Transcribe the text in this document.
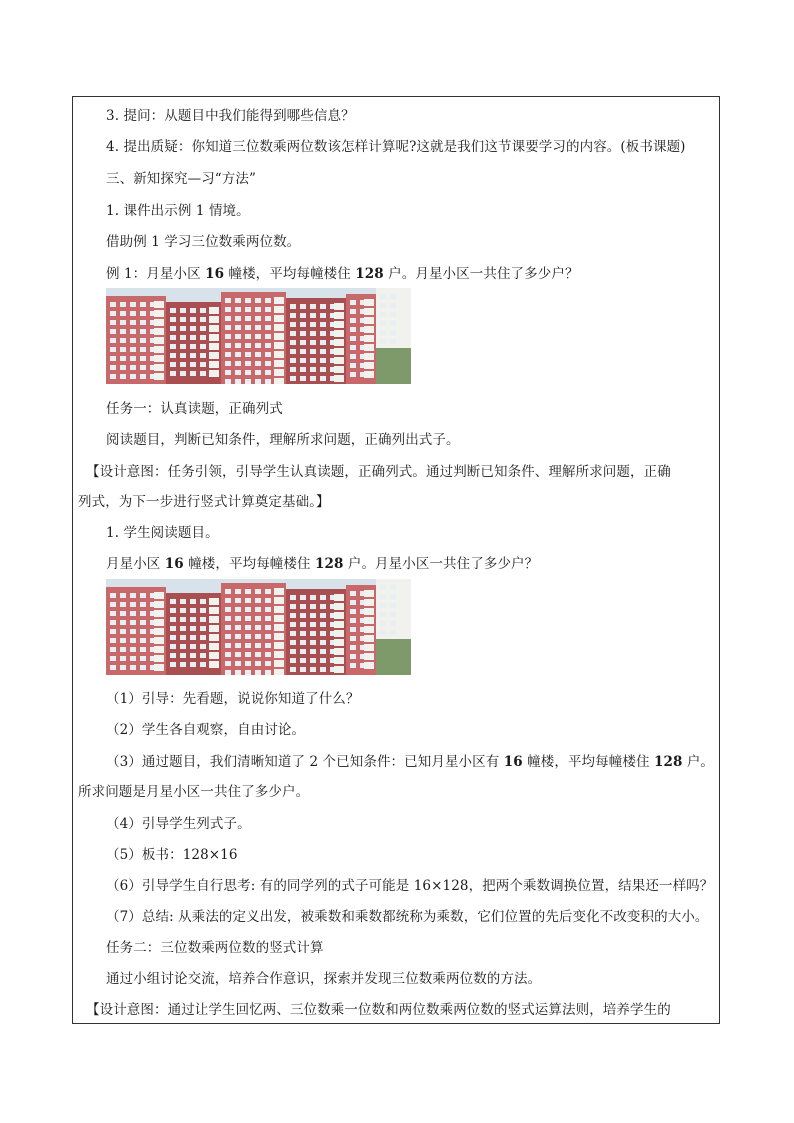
3. 提问：从题目中我们能得到哪些信息？
4. 提出质疑：你知道三位数乘两位数该怎样计算呢?这就是我们这节课要学习的内容。(板书课题)
三、新知探究—习“方法”
1. 课件出示例 1 情境。
借助例 1 学习三位数乘两位数。
例 1：月星小区 16 幢楼，平均每幢楼住 128 户。月星小区一共住了多少户？
任务一：认真读题，正确列式
阅读题目，判断已知条件，理解所求问题，正确列出式子。
【设计意图：任务引领，引导学生认真读题，正确列式。通过判断已知条件、理解所求问题，正确
列式，为下一步进行竖式计算奠定基础。】
1. 学生阅读题目。
月星小区 16 幢楼，平均每幢楼住 128 户。月星小区一共住了多少户？
（1）引导：先看题，说说你知道了什么？
（2）学生各自观察，自由讨论。
（3）通过题目，我们清晰知道了 2 个已知条件：已知月星小区有 16 幢楼，平均每幢楼住 128 户。
所求问题是月星小区一共住了多少户。
（4）引导学生列式子。
（5）板书：128×16
（6）引导学生自行思考: 有的同学列的式子可能是 16×128，把两个乘数调换位置，结果还一样吗？
（7）总结: 从乘法的定义出发，被乘数和乘数都统称为乘数，它们位置的先后变化不改变积的大小。
任务二：三位数乘两位数的竖式计算
通过小组讨论交流，培养合作意识，探索并发现三位数乘两位数的方法。
【设计意图：通过让学生回忆两、三位数乘一位数和两位数乘两位数的竖式运算法则，培养学生的
